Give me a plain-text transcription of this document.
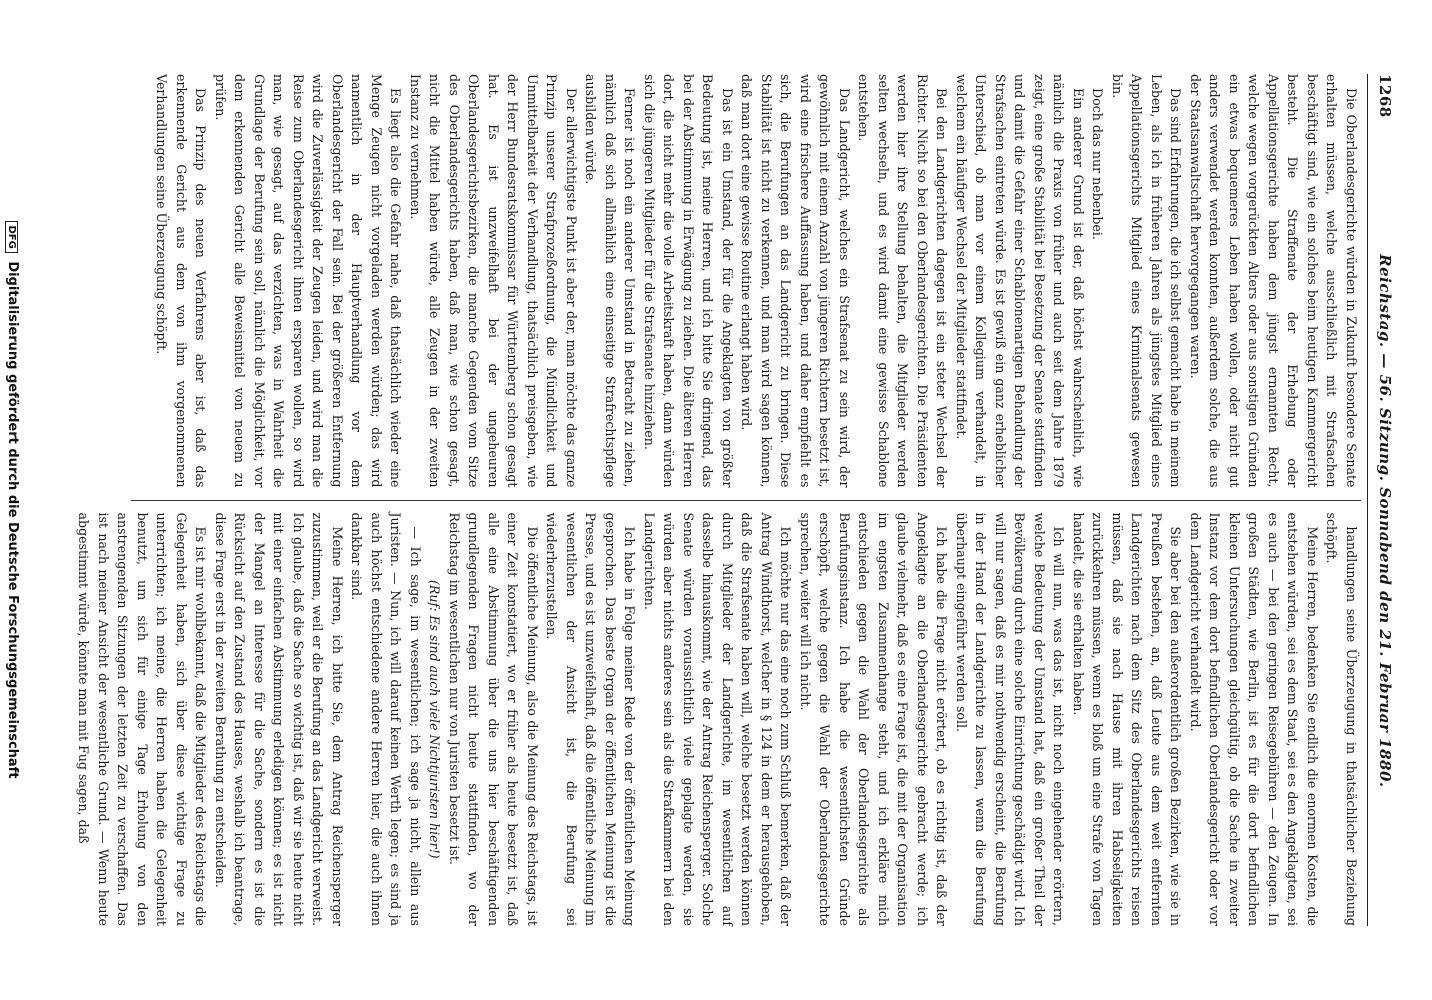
1268
Reichstag. — 56. Sitzung. Sonnabend den 21. Februar 1880.

Die Oberlandesgerichte würden in Zukunft besondere Senate erhalten müssen, welche ausschließlich mit Strafsachen beschäftigt sind, wie ein solches beim heutigen Kammergericht besteht. Die Straffenate der Erhebung oder Appellationsgerichte haben dem jüngst ernannten Recht, welche wegen vorgerückten Alters oder aus sonstigen Gründen ein etwas bequemeres Leben haben wollen, oder nicht gut anders verwendet werden konnten, außerdem solche, die aus der Staatsanwaltschaft hervorgegangen waren.

Das sind Erfahrungen, die ich selbst gemacht habe in meinem Leben, als ich in früheren Jahren als jüngstes Mitglied eines Appellationsgerichts Mitglied eines Kriminalsenats gewesen bin.

Doch das nur nebenbei.

Ein anderer Grund ist der, daß höchst wahrscheinlich, wie nämlich die Praxis von früher und auch seit dem Jahre 1879 zeigt, eine große Stabilität bei Besetzung der Senate stattfinden und damit die Gefahr einer Schablonenartigen Behandlung der Strafsachen eintreten würde. Es ist gewiß ein ganz erheblicher Unterschied, ob man vor einem Kollegium verhandelt, in welchem ein häufiger Wechsel der Mitglieder stattfindet.

Bei den Landgerichten dagegen ist ein steter Wechsel der Richter. Nicht so bei den Oberlandesgerichten. Die Präsidenten werden hier ihre Stellung behalten, die Mitglieder werden selten wechseln, und es wird damit eine gewisse Schablone entstehen.

Das Landgericht, welches ein Strafsenat zu sein wird, der gewöhnlich mit einem Anzahl von jüngeren Richtern besetzt ist, wird eine frischere Auffassung haben, und daher empfiehlt es sich, die Berufungen an das Landgericht zu bringen. Diese Stabilität ist nicht zu verkennen, und man wird sagen können, daß man dort eine gewisse Routine erlangt haben wird.

Das ist ein Umstand, der für die Angeklagten von größter Bedeutung ist, meine Herren, und ich bitte Sie dringend, das bei der Abstimmung in Erwägung zu ziehen. Die älteren Herren dort, die nicht mehr die volle Arbeitskraft haben, dann würden sich die jüngeren Mitglieder für die Strafsenate hinziehen.

Ferner ist noch ein anderer Umstand in Betracht zu ziehen, nämlich daß sich allmählich eine einseitige Strafrechtspflege ausbilden würde.

Der allerwichtigste Punkt ist aber der, man möchte das ganze Prinzip unserer Strafprozeßordnung, die Mündlichkeit und Unmittelbarkeit der Verhandlung, thatsächlich preisgeben, wie der Herr Bundesratskommissar für Württemberg schon gesagt hat. Es ist unzweifelhaft bei der ungeheuren Oberlandesgerichtsbezirken, die manche Gegenden vom Sitze des Oberlandesgerichts haben, daß man, wie schon gesagt, nicht die Mittel haben würde, alle Zeugen in der zweiten Instanz zu vernehmen.

Es liegt also die Gefahr nahe, daß thatsächlich wieder eine Menge Zeugen nicht vorgeladen werden würden; das wird namentlich in der Hauptverhandlung vor dem Oberlandesgericht der Fall sein. Bei der größeren Entfernung wird die Zuverlässigkeit der Zeugen leiden, und wird man die Reise zum Oberlandesgericht ihnen ersparen wollen, so wird man, wie gesagt, auf das verzichten, was in Wahrheit die Grundlage der Berufung sein soll, nämlich die Möglichkeit, vor dem erkennenden Gericht alle Beweismittel von neuem zu prüfen.

Das Prinzip des neuen Verfahrens aber ist, daß das erkennende Gericht aus dem von ihm vorgenommenen Verhandlungen seine Überzeugung schöpft.

handlungen seine Überzeugung in thatsächlicher Beziehung schöpft.

Meine Herren, bedenken Sie endlich die enormen Kosten, die entstehen würden, sei es dem Staat, sei es den Angeklagten, sei es auch — bei den geringen Reisegebühren — den Zeugen. In großen Städten, wie Berlin, ist es für die dort befindlichen kleinen Untersuchungen gleichgültig, ob die Sache in zweiter Instanz vor dem dort befindlichen Oberlandesgericht oder vor dem Landgericht verhandelt wird.

Sie aber bei den außerordentlich großen Bezirken, wie sie in Preußen bestehen, an, daß Leute aus dem weit entfernten Landgerichten nach dem Sitz des Oberlandesgerichts reisen müssen, daß sie nach Hause mit ihren Habseligkeiten zurückkehren müssen, wenn es bloß um eine Strafe von Tagen handelt, die sie erhalten haben.

Ich will nun, was das ist, nicht noch eingehender erörtern, welche Bedeutung der Umstand hat, daß ein großer Theil der Bevölkerung durch eine solche Einrichtung geschädigt wird. Ich will nur sagen, daß es mir nothwendig erscheint, die Berufung in der Hand der Landgerichte zu lassen, wenn die Berufung überhaupt eingeführt werden soll.

Ich habe die Frage nicht erörtert, ob es richtig ist, daß der Angeklagte an die Oberlandesgerichte gebracht werde; ich glaube vielmehr, daß es eine Frage ist, die mit der Organisation im engsten Zusammenhange steht, und ich erkläre mich entschieden gegen die Wahl der Oberlandesgerichte als Berufungsinstanz. Ich habe die wesentlichsten Gründe erschöpft, welche gegen die Wahl der Oberlandesgerichte sprechen, weiter will ich nicht.

Ich möchte nur das eine noch zum Schluß bemerken, daß der Antrag Windthorst, welcher in § 124 in dem er herausgehoben, daß die Strafsenate haben will, welche besetzt werden können durch Mitglieder der Landgerichte, im wesentlichen auf dasselbe hinauskommt, wie der Antrag Reichensperger. Solche Senate würden voraussichtlich viele geplagte werden, sie würden aber nichts anderes sein als die Strafkammern bei den Landgerichten.

Ich habe in Folge meiner Rede von der öffentlichen Meinung gesprochen. Das beste Organ der öffentlichen Meinung ist die Presse, und es ist unzweifelhaft, daß die öffentliche Meinung im wesentlichen der Ansicht ist, die Berufung sei wiederherzustellen.

Die öffentliche Meinung, also die Meinung des Reichstags, ist einer Zeit konstatiert, wo er früher als heute besetzt ist, daß alle eine Abstimmung über die uns hier beschäftigenden grundlegenden Fragen nicht heute stattfinden, wo der Reichstag im wesentlichen nur von Juristen besetzt ist.

(Ruf: Es sind auch viele Nichtjuristen hier!)

— Ich sage, im wesentlichen; ich sage ja nicht, allein aus Juristen. — Nun, ich will darauf keinen Werth legen; es sind ja auch höchst entschiedene andere Herren hier, die auch ihnen dankbar sind.

Meine Herren, ich bitte Sie, dem Antrag Reichensperger zuzustimmen, weil er die Berufung an das Landgericht verweist. Ich glaube, daß die Sache so wichtig ist, daß wir sie heute nicht mit einer einfachen Abstimmung erledigen können; es ist nicht der Mangel an Interesse für die Sache, sondern es ist die Rücksicht auf den Zustand des Hauses, weshalb ich beantrage, diese Frage erst in der zweiten Berathung zu entscheiden.

Es ist mir wohlbekannt, daß die Mitglieder des Reichstags die Gelegenheit haben, sich über diese wichtige Frage zu unterrichten; ich meine, die Herren haben die Gelegenheit benutzt, um sich für einige Tage Erholung von den anstrengenden Sitzungen der letzten Zeit zu verschaffen. Das ist nach meiner Ansicht der wesentliche Grund. — Wenn heute abgestimmt würde, könnte man mit Fug sagen, daß

DFG Digitalisierung gefördert durch die Deutsche Forschungsgemeinschaft
